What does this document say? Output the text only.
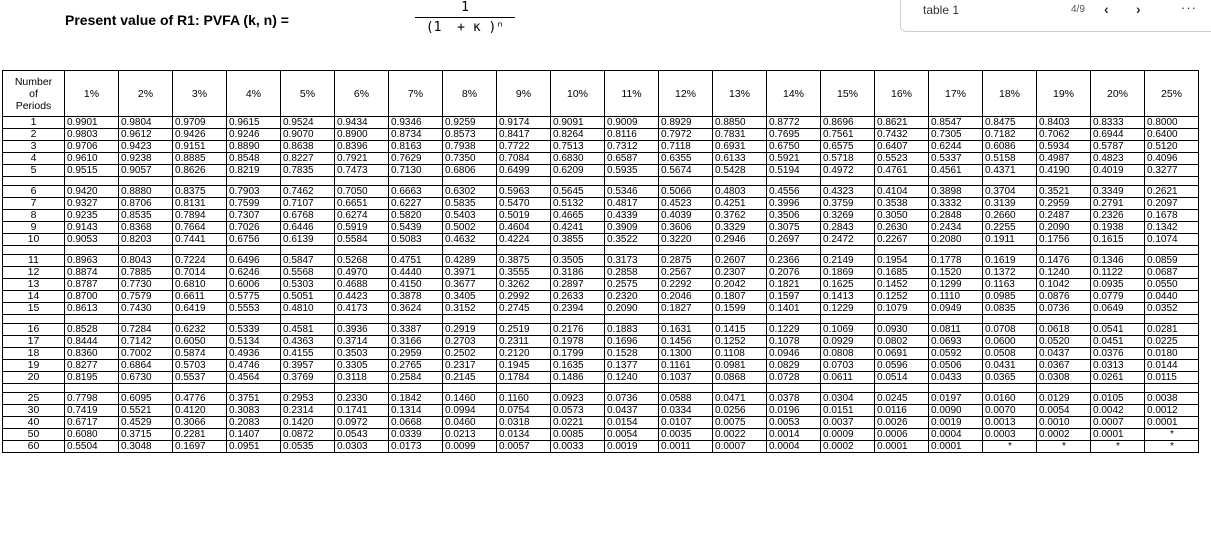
Present value of R1: PVFA (k, n) =
1
(1  + κ )ⁿ
table 1	4/9 ‹ ›	···
Number
of
Periods	1%	2%	3%	4%	5%	6%	7%	8%	9%	10%	11%	12%	13%	14%	15%	16%	17%	18%	19%	20%	25%
1	0.9901	0.9804	0.9709	0.9615	0.9524	0.9434	0.9346	0.9259	0.9174	0.9091	0.9009	0.8929	0.8850	0.8772	0.8696	0.8621	0.8547	0.8475	0.8403	0.8333	0.8000
2	0.9803	0.9612	0.9426	0.9246	0.9070	0.8900	0.8734	0.8573	0.8417	0.8264	0.8116	0.7972	0.7831	0.7695	0.7561	0.7432	0.7305	0.7182	0.7062	0.6944	0.6400
3	0.9706	0.9423	0.9151	0.8890	0.8638	0.8396	0.8163	0.7938	0.7722	0.7513	0.7312	0.7118	0.6931	0.6750	0.6575	0.6407	0.6244	0.6086	0.5934	0.5787	0.5120
4	0.9610	0.9238	0.8885	0.8548	0.8227	0.7921	0.7629	0.7350	0.7084	0.6830	0.6587	0.6355	0.6133	0.5921	0.5718	0.5523	0.5337	0.5158	0.4987	0.4823	0.4096
5	0.9515	0.9057	0.8626	0.8219	0.7835	0.7473	0.7130	0.6806	0.6499	0.6209	0.5935	0.5674	0.5428	0.5194	0.4972	0.4761	0.4561	0.4371	0.4190	0.4019	0.3277

6	0.9420	0.8880	0.8375	0.7903	0.7462	0.7050	0.6663	0.6302	0.5963	0.5645	0.5346	0.5066	0.4803	0.4556	0.4323	0.4104	0.3898	0.3704	0.3521	0.3349	0.2621
7	0.9327	0.8706	0.8131	0.7599	0.7107	0.6651	0.6227	0.5835	0.5470	0.5132	0.4817	0.4523	0.4251	0.3996	0.3759	0.3538	0.3332	0.3139	0.2959	0.2791	0.2097
8	0.9235	0.8535	0.7894	0.7307	0.6768	0.6274	0.5820	0.5403	0.5019	0.4665	0.4339	0.4039	0.3762	0.3506	0.3269	0.3050	0.2848	0.2660	0.2487	0.2326	0.1678
9	0.9143	0.8368	0.7664	0.7026	0.6446	0.5919	0.5439	0.5002	0.4604	0.4241	0.3909	0.3606	0.3329	0.3075	0.2843	0.2630	0.2434	0.2255	0.2090	0.1938	0.1342
10	0.9053	0.8203	0.7441	0.6756	0.6139	0.5584	0.5083	0.4632	0.4224	0.3855	0.3522	0.3220	0.2946	0.2697	0.2472	0.2267	0.2080	0.1911	0.1756	0.1615	0.1074

11	0.8963	0.8043	0.7224	0.6496	0.5847	0.5268	0.4751	0.4289	0.3875	0.3505	0.3173	0.2875	0.2607	0.2366	0.2149	0.1954	0.1778	0.1619	0.1476	0.1346	0.0859
12	0.8874	0.7885	0.7014	0.6246	0.5568	0.4970	0.4440	0.3971	0.3555	0.3186	0.2858	0.2567	0.2307	0.2076	0.1869	0.1685	0.1520	0.1372	0.1240	0.1122	0.0687
13	0.8787	0.7730	0.6810	0.6006	0.5303	0.4688	0.4150	0.3677	0.3262	0.2897	0.2575	0.2292	0.2042	0.1821	0.1625	0.1452	0.1299	0.1163	0.1042	0.0935	0.0550
14	0.8700	0.7579	0.6611	0.5775	0.5051	0.4423	0.3878	0.3405	0.2992	0.2633	0.2320	0.2046	0.1807	0.1597	0.1413	0.1252	0.1110	0.0985	0.0876	0.0779	0.0440
15	0.8613	0.7430	0.6419	0.5553	0.4810	0.4173	0.3624	0.3152	0.2745	0.2394	0.2090	0.1827	0.1599	0.1401	0.1229	0.1079	0.0949	0.0835	0.0736	0.0649	0.0352

16	0.8528	0.7284	0.6232	0.5339	0.4581	0.3936	0.3387	0.2919	0.2519	0.2176	0.1883	0.1631	0.1415	0.1229	0.1069	0.0930	0.0811	0.0708	0.0618	0.0541	0.0281
17	0.8444	0.7142	0.6050	0.5134	0.4363	0.3714	0.3166	0.2703	0.2311	0.1978	0.1696	0.1456	0.1252	0.1078	0.0929	0.0802	0.0693	0.0600	0.0520	0.0451	0.0225
18	0.8360	0.7002	0.5874	0.4936	0.4155	0.3503	0.2959	0.2502	0.2120	0.1799	0.1528	0.1300	0.1108	0.0946	0.0808	0.0691	0.0592	0.0508	0.0437	0.0376	0.0180
19	0.8277	0.6864	0.5703	0.4746	0.3957	0.3305	0.2765	0.2317	0.1945	0.1635	0.1377	0.1161	0.0981	0.0829	0.0703	0.0596	0.0506	0.0431	0.0367	0.0313	0.0144
20	0.8195	0.6730	0.5537	0.4564	0.3769	0.3118	0.2584	0.2145	0.1784	0.1486	0.1240	0.1037	0.0868	0.0728	0.0611	0.0514	0.0433	0.0365	0.0308	0.0261	0.0115

25	0.7798	0.6095	0.4776	0.3751	0.2953	0.2330	0.1842	0.1460	0.1160	0.0923	0.0736	0.0588	0.0471	0.0378	0.0304	0.0245	0.0197	0.0160	0.0129	0.0105	0.0038
30	0.7419	0.5521	0.4120	0.3083	0.2314	0.1741	0.1314	0.0994	0.0754	0.0573	0.0437	0.0334	0.0256	0.0196	0.0151	0.0116	0.0090	0.0070	0.0054	0.0042	0.0012
40	0.6717	0.4529	0.3066	0.2083	0.1420	0.0972	0.0668	0.0460	0.0318	0.0221	0.0154	0.0107	0.0075	0.0053	0.0037	0.0026	0.0019	0.0013	0.0010	0.0007	0.0001
50	0.6080	0.3715	0.2281	0.1407	0.0872	0.0543	0.0339	0.0213	0.0134	0.0085	0.0054	0.0035	0.0022	0.0014	0.0009	0.0006	0.0004	0.0003	0.0002	0.0001	*
60	0.5504	0.3048	0.1697	0.0951	0.0535	0.0303	0.0173	0.0099	0.0057	0.0033	0.0019	0.0011	0.0007	0.0004	0.0002	0.0001	0.0001	*	*	*	*
